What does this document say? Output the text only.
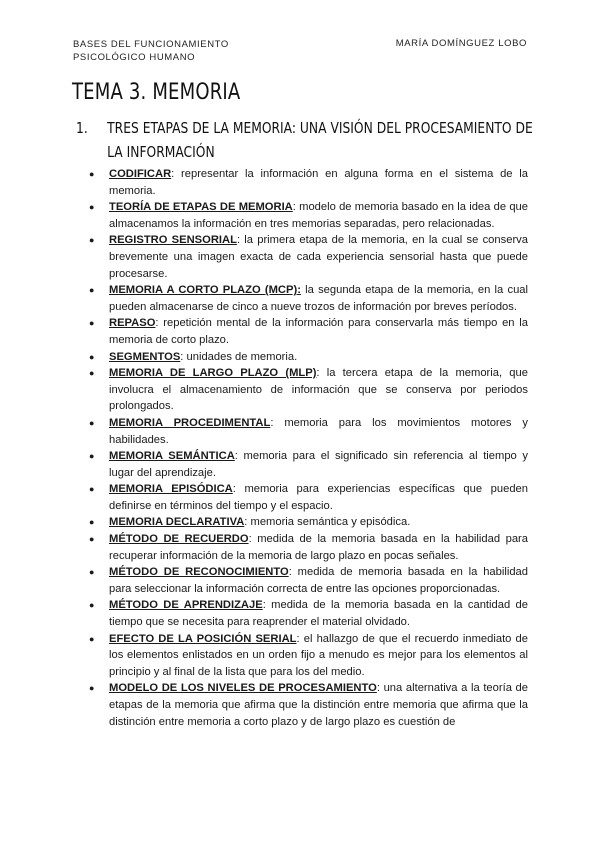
BASES DEL FUNCIONAMIENTO
PSICOLÓGICO HUMANO
MARÍA DOMÍNGUEZ LOBO
TEMA 3. MEMORIA
1.	TRES ETAPAS DE LA MEMORIA: UNA VISIÓN DEL PROCESAMIENTO DE LA INFORMACIÓN
● CODIFICAR: representar la información en alguna forma en el sistema de la memoria.
● TEORÍA DE ETAPAS DE MEMORIA: modelo de memoria basado en la idea de que almacenamos la información en tres memorias separadas, pero relacionadas.
● REGISTRO SENSORIAL: la primera etapa de la memoria, en la cual se conserva brevemente una imagen exacta de cada experiencia sensorial hasta que puede procesarse.
● MEMORIA A CORTO PLAZO (MCP): la segunda etapa de la memoria, en la cual pueden almacenarse de cinco a nueve trozos de información por breves períodos.
● REPASO: repetición mental de la información para conservarla más tiempo en la memoria de corto plazo.
● SEGMENTOS: unidades de memoria.
● MEMORIA DE LARGO PLAZO (MLP): la tercera etapa de la memoria, que involucra el almacenamiento de información que se conserva por periodos prolongados.
● MEMORIA PROCEDIMENTAL: memoria para los movimientos motores y habilidades.
● MEMORIA SEMÁNTICA: memoria para el significado sin referencia al tiempo y lugar del aprendizaje.
● MEMORIA EPISÓDICA: memoria para experiencias específicas que pueden definirse en términos del tiempo y el espacio.
● MEMORIA DECLARATIVA: memoria semántica y episódica.
● MÉTODO DE RECUERDO: medida de la memoria basada en la habilidad para recuperar información de la memoria de largo plazo en pocas señales.
● MÉTODO DE RECONOCIMIENTO: medida de memoria basada en la habilidad para seleccionar la información correcta de entre las opciones proporcionadas.
● MÉTODO DE APRENDIZAJE: medida de la memoria basada en la cantidad de tiempo que se necesita para reaprender el material olvidado.
● EFECTO DE LA POSICIÓN SERIAL: el hallazgo de que el recuerdo inmediato de los elementos enlistados en un orden fijo a menudo es mejor para los elementos al principio y al final de la lista que para los del medio.
● MODELO DE LOS NIVELES DE PROCESAMIENTO: una alternativa a la teoría de etapas de la memoria que afirma que la distinción entre memoria que afirma que la distinción entre memoria a corto plazo y de largo plazo es cuestión de
